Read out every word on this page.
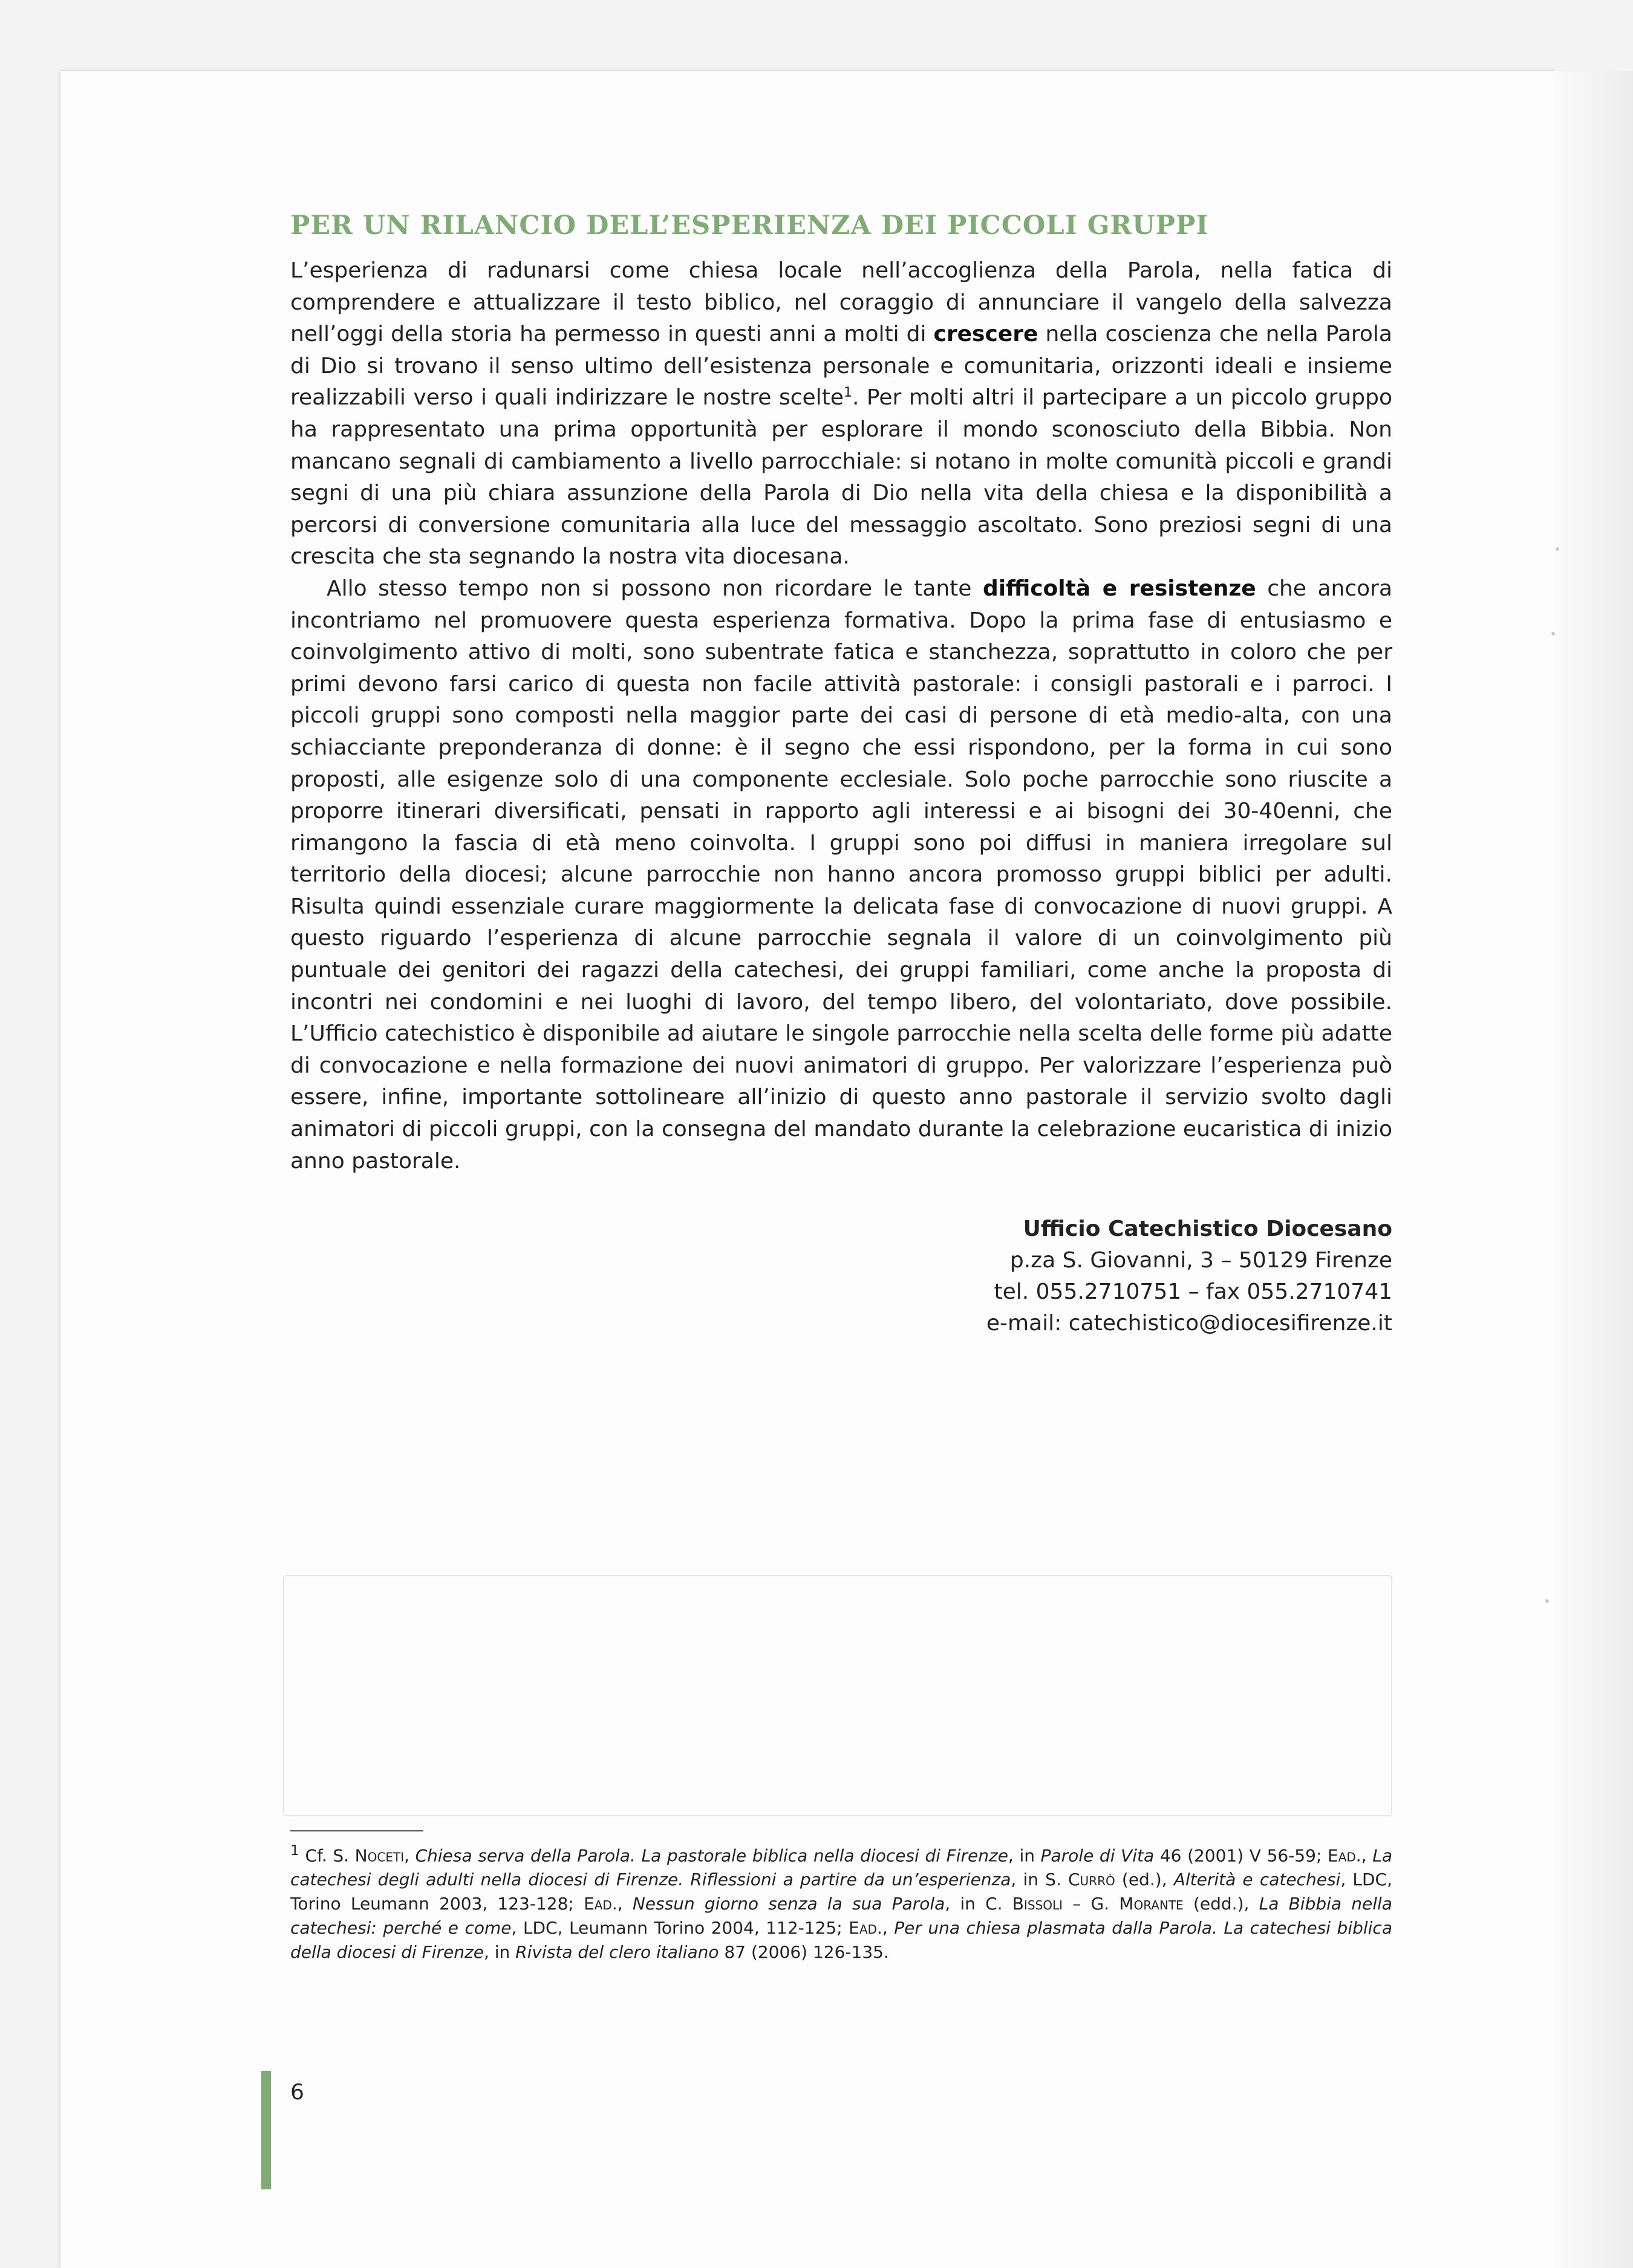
PER UN RILANCIO DELL’ESPERIENZA DEI PICCOLI GRUPPI

L’esperienza di radunarsi come chiesa locale nell’accoglienza della Parola, nella fatica di comprendere e attualizzare il testo biblico, nel coraggio di annunciare il vangelo della salvezza nell’oggi della storia ha permesso in questi anni a molti di crescere nella coscienza che nella Parola di Dio si trovano il senso ultimo dell’esistenza personale e comunitaria, orizzonti ideali e insieme realizzabili verso i quali indirizzare le nostre scelte$^1$. Per molti altri il partecipare a un piccolo gruppo ha rappresentato una prima opportunità per esplorare il mondo sconosciuto della Bibbia. Non mancano segnali di cambiamento a livello parrocchiale: si notano in molte comunità piccoli e grandi segni di una più chiara assunzione della Parola di Dio nella vita della chiesa e la disponibilità a percorsi di conversione comunitaria alla luce del messaggio ascoltato. Sono preziosi segni di una crescita che sta segnando la nostra vita diocesana.

Allo stesso tempo non si possono non ricordare le tante difficoltà e resistenze che ancora incontriamo nel promuovere questa esperienza formativa. Dopo la prima fase di entusiasmo e coinvolgimento attivo di molti, sono subentrate fatica e stanchezza, soprattutto in coloro che per primi devono farsi carico di questa non facile attività pastorale: i consigli pastorali e i parroci. I piccoli gruppi sono composti nella maggior parte dei casi di persone di età medio-alta, con una schiacciante preponderanza di donne: è il segno che essi rispondono, per la forma in cui sono proposti, alle esigenze solo di una componente ecclesiale. Solo poche parrocchie sono riuscite a proporre itinerari diversificati, pensati in rapporto agli interessi e ai bisogni dei 30-40enni, che rimangono la fascia di età meno coinvolta. I gruppi sono poi diffusi in maniera irregolare sul territorio della diocesi; alcune parrocchie non hanno ancora promosso gruppi biblici per adulti. Risulta quindi essenziale curare maggiormente la delicata fase di convocazione di nuovi gruppi. A questo riguardo l’esperienza di alcune parrocchie segnala il valore di un coinvolgimento più puntuale dei genitori dei ragazzi della catechesi, dei gruppi familiari, come anche la proposta di incontri nei condomini e nei luoghi di lavoro, del tempo libero, del volontariato, dove possibile. L’Ufficio catechistico è disponibile ad aiutare le singole parrocchie nella scelta delle forme più adatte di convocazione e nella formazione dei nuovi animatori di gruppo. Per valorizzare l’esperienza può essere, infine, importante sottolineare all’inizio di questo anno pastorale il servizio svolto dagli animatori di piccoli gruppi, con la consegna del mandato durante la celebrazione eucaristica di inizio anno pastorale.

Ufficio Catechistico Diocesano
p.za S. Giovanni, 3 – 50129 Firenze
tel. 055.2710751 – fax 055.2710741
e-mail: catechistico@diocesifirenze.it

$^1$ Cf. S. Noceti, Chiesa serva della Parola. La pastorale biblica nella diocesi di Firenze, in Parole di Vita 46 (2001) V 56-59; Ead., La catechesi degli adulti nella diocesi di Firenze. Riflessioni a partire da un’esperienza, in S. Currò (ed.), Alterità e catechesi, LDC, Torino Leumann 2003, 123-128; Ead., Nessun giorno senza la sua Parola, in C. Bissoli – G. Morante (edd.), La Bibbia nella catechesi: perché e come, LDC, Leumann Torino 2004, 112-125; Ead., Per una chiesa plasmata dalla Parola. La catechesi biblica della diocesi di Firenze, in Rivista del clero italiano 87 (2006) 126-135.

6
